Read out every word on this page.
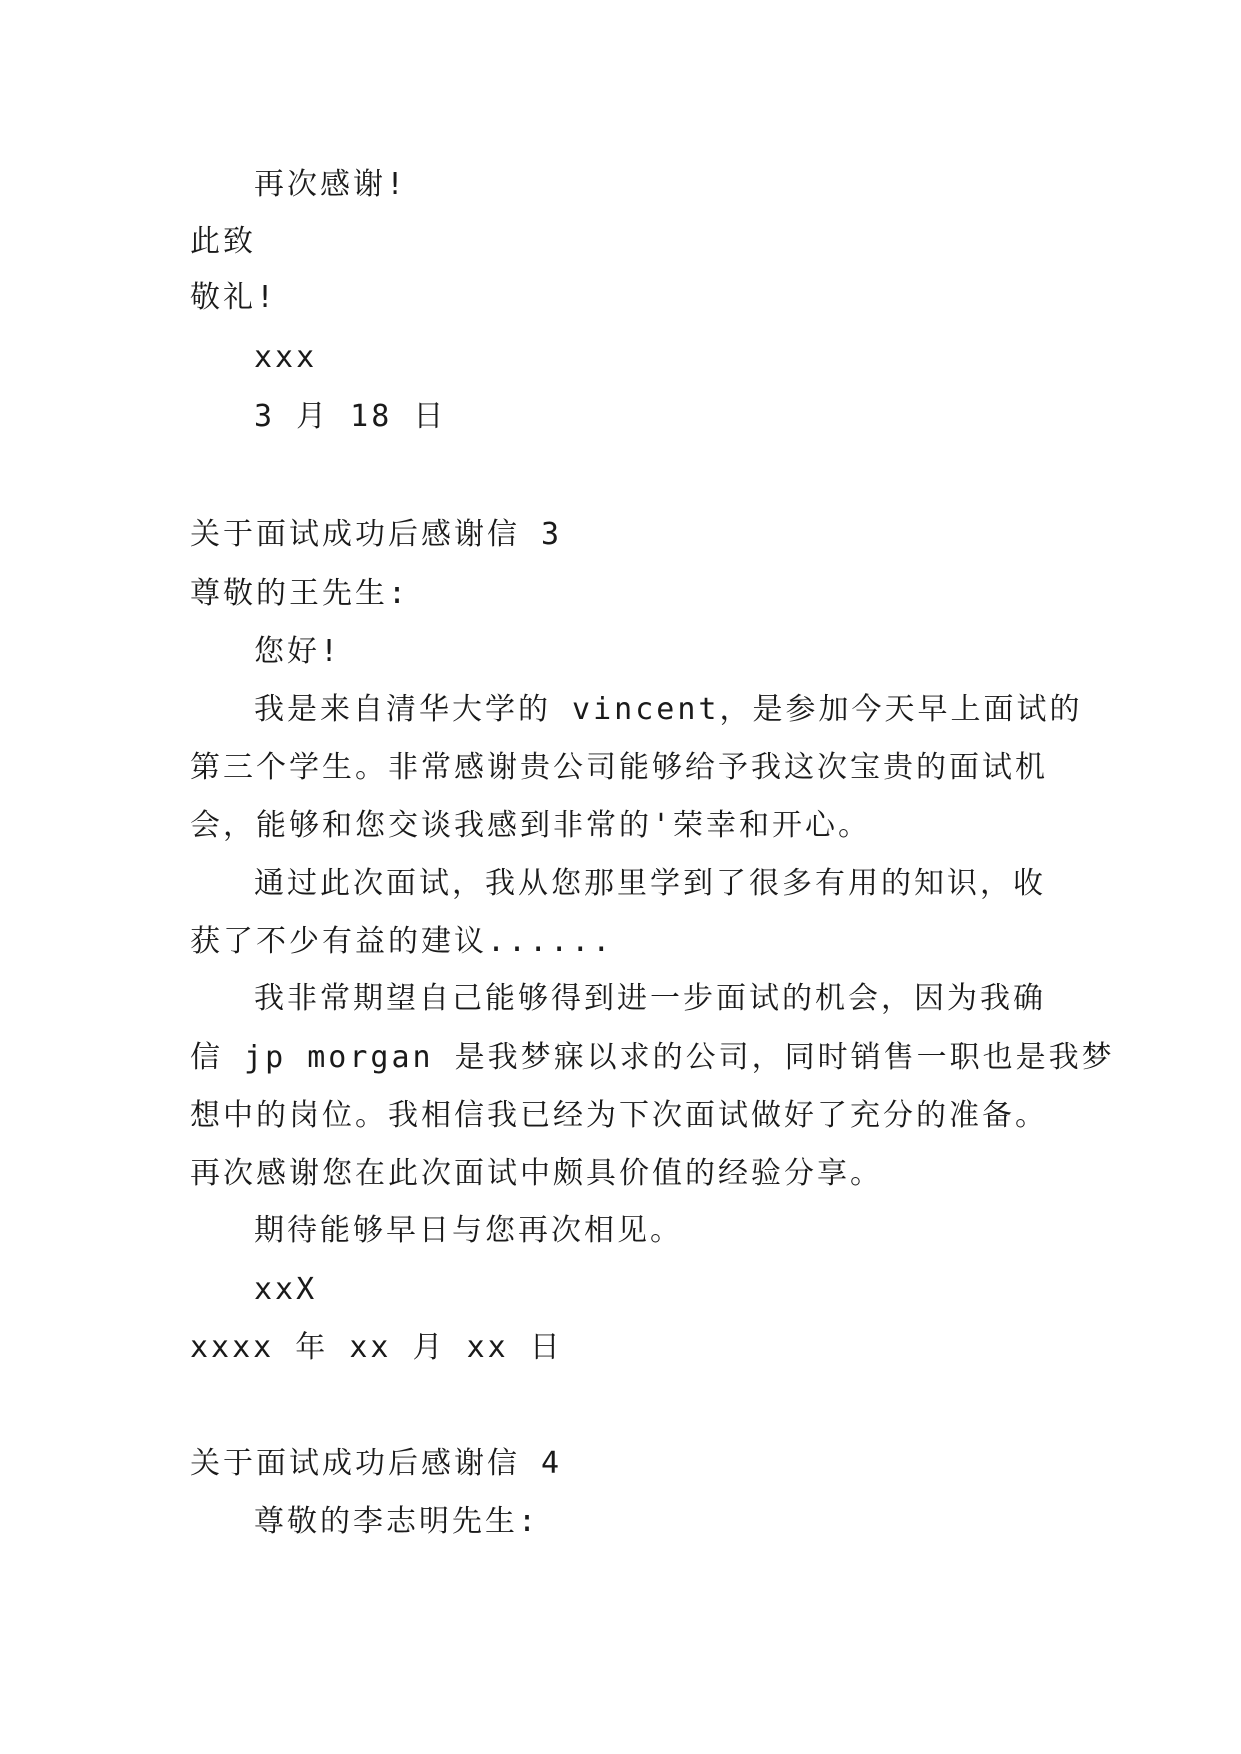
再次感谢!
此致
敬礼!
xxx
3 月 18 日
关于面试成功后感谢信 3
尊敬的王先生:
您好!
我是来自清华大学的 vincent，是参加今天早上面试的
第三个学生。非常感谢贵公司能够给予我这次宝贵的面试机
会，能够和您交谈我感到非常的'荣幸和开心。
通过此次面试，我从您那里学到了很多有用的知识，收
获了不少有益的建议......
我非常期望自己能够得到进一步面试的机会，因为我确
信 jp morgan 是我梦寐以求的公司，同时销售一职也是我梦
想中的岗位。我相信我已经为下次面试做好了充分的准备。
再次感谢您在此次面试中颇具价值的经验分享。
期待能够早日与您再次相见。
xxX
xxxx 年 xx 月 xx 日
关于面试成功后感谢信 4
尊敬的李志明先生:
